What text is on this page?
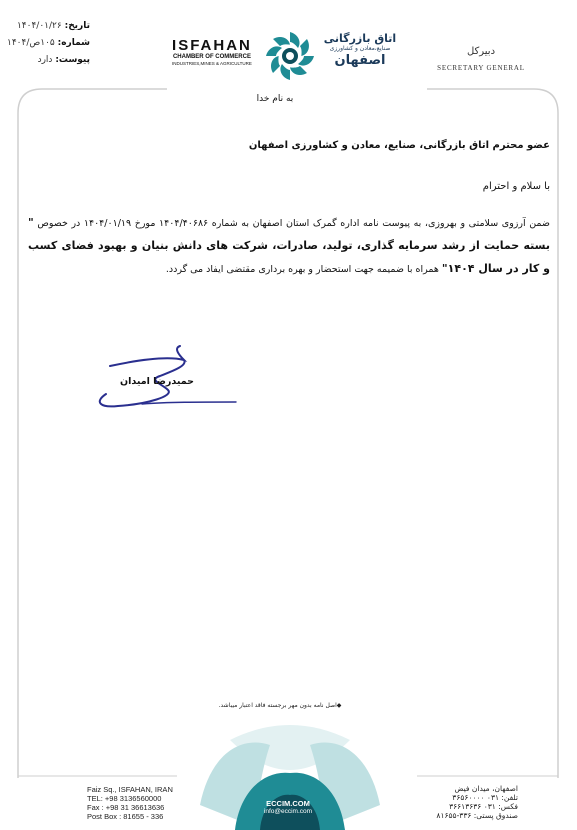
تاریخ: ۱۴۰۴/۰۱/۲۶
شماره: ۱۰۵ص/۱۴۰۴
پیوست: دارد
ISFAHAN
CHAMBER OF COMMERCE
INDUSTRIES,MINES & AGRICULTURE
اتاق بازرگانی
صنایع،معادن و کشاورزی
اصفهان
دبیرکل
SECRETARY GENERAL
به نام خدا
عضو محترم اتاق بازرگانی، صنایع، معادن و کشاورزی اصفهان
با سلام و احترام
ضمن آرزوی سلامتی و بهروزی، به پیوست نامه اداره گمرک استان اصفهان به شماره ۱۴۰۴/۴۰۶۸۶ مورخ ۱۴۰۴/۰۱/۱۹ در خصوص " بسته حمایت از رشد سرمایه گذاری، تولید، صادرات، شرکت های دانش بنیان و بهبود فضای کسب و کار در سال ۱۴۰۴" همراه با ضمیمه جهت استحضار و بهره برداری مقتضی ایفاد می گردد.
حمیدرضا امیدان
◆اصل نامه بدون مهر برجسته فاقد اعتبار میباشد.
Faiz Sq., ISFAHAN, IRAN
TEL: +98 3136560000
Fax : +98 31 36613636
Post Box : 81655 - 336
ECCIM.COM
info@eccim.com
اصفهان، میدان فیض
تلفن: ۰۳۱ ۳۶۵۶۰۰۰۰
فکس: ۰۳۱ ۳۶۶۱۳۶۳۶
صندوق پستی: ۳۳۶-۸۱۶۵۵
